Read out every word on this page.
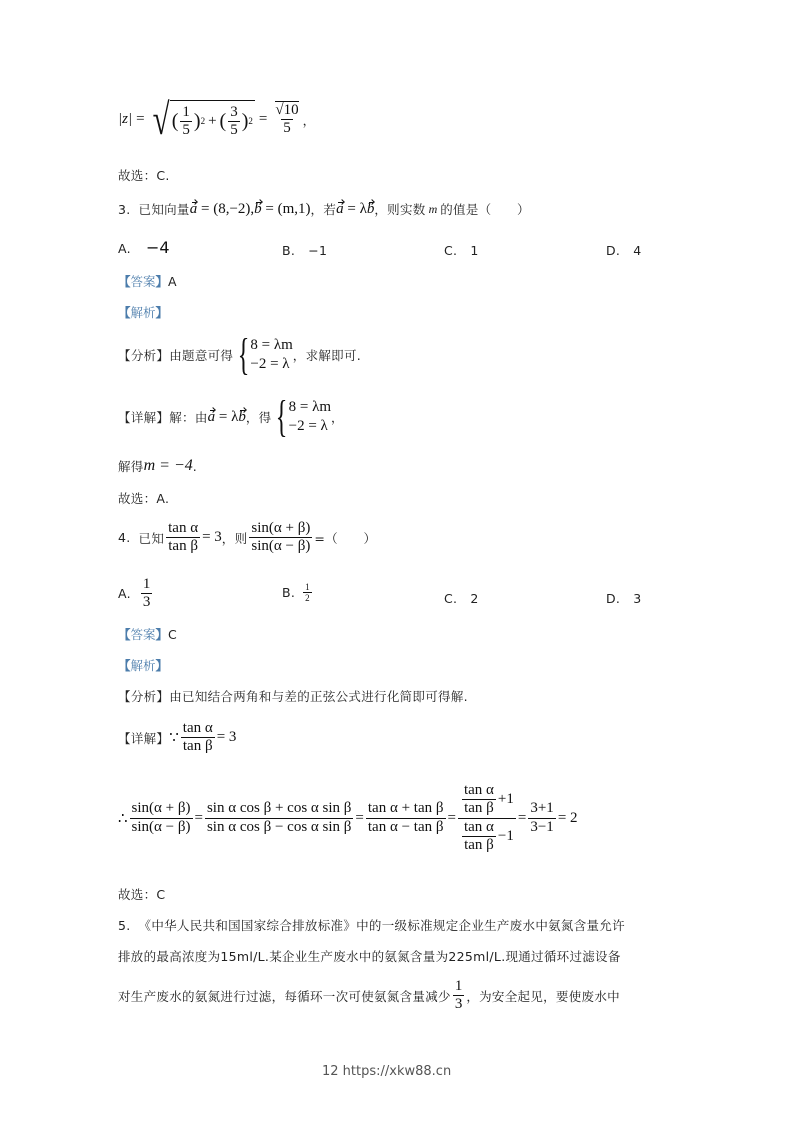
|z| = √ ( $\frac{1}{5}$ ) 2 + ( $\frac{3}{5}$ ) $2 = \frac{√10}{5}$ ，
故选：C.
3. 已知向量 a = (8,−2),b = (m,1) ，若 a = λb ，则实数 m 的值是（　　）
A. −4	B. −1	C. 1	D. 4
【答案】A
【解析】
【分析】 由题意可得 { 8 = λm
−2 = λ
，求解即可.
【详解】 解：由 a = λb ，得 { 8 = λm
−2 = λ
，
解得 m = −4 .
故选：A.
4. 已知 $\frac{\text{tan α}}{\text{tan β}} = 3$ ，则 $\frac{\sin(\alpha + \beta)}{\sin(\alpha - \beta)}$ =（　　）
A. $\frac{1}{3}$	B. $\frac{1}{2}$	C. 2	D. 3
【答案】C
【解析】
【分析】由已知结合两角和与差的正弦公式进行化简即可得解.
【详解】 ∵ $\frac{\text{tan α}}{\text{tan β}} = 3$
∴ $\frac{\sin(\alpha + \beta)}{\sin(\alpha - \beta)} = \frac{\text{sin α cos β + cos α sin β}}{\text{sin α cos β − cos α sin β}} = \frac{\text{tan α + tan β}}{\text{tan α − tan β}} = \frac{\frac{\text{tan α}}{\text{tan β}} +1}{\frac{\text{tan α}}{\text{tan β}} -1} = \frac{3+1}{3-1} = 2$
故选：C
5. 《中华人民共和国国家综合排放标准》中的一级标准规定企业生产废水中氨氮含量允许
排放的最高浓度为15ml/L.某企业生产废水中的氨氮含量为225ml/L.现通过循环过滤设备
对生产废水的氨氮进行过滤，每循环一次可使氨氮含量减少 $\frac{1}{3}$ ，为安全起见，要使废水中
12 https://xkw88.cn
